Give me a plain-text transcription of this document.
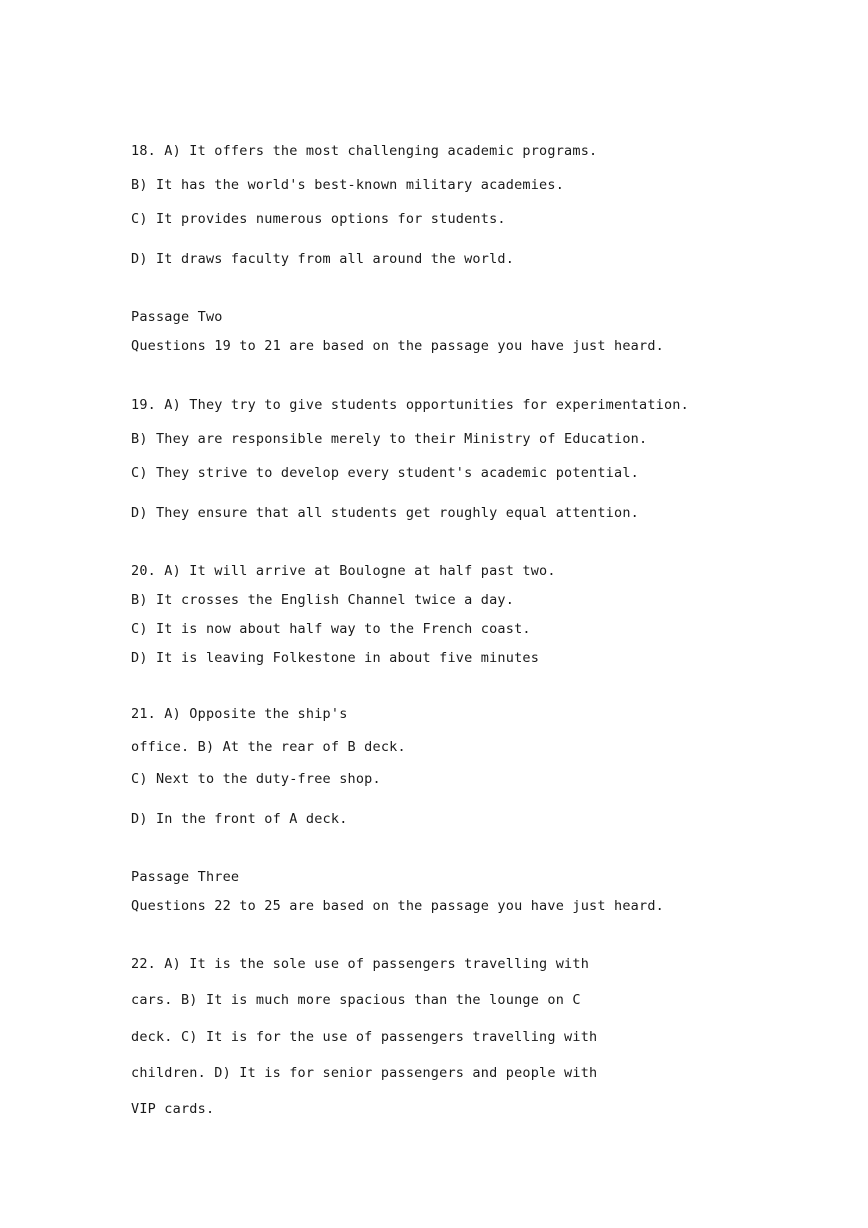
18. A) It offers the most challenging academic programs.
B) It has the world's best-known military academies.
C) It provides numerous options for students.
D) It draws faculty from all around the world.
Passage Two
Questions 19 to 21 are based on the passage you have just heard.
19. A) They try to give students opportunities for experimentation.
B) They are responsible merely to their Ministry of Education.
C) They strive to develop every student's academic potential.
D) They ensure that all students get roughly equal attention.
20. A) It will arrive at Boulogne at half past two.
B) It crosses the English Channel twice a day.
C) It is now about half way to the French coast.
D) It is leaving Folkestone in about five minutes
21. A) Opposite the ship's
office. B) At the rear of B deck.
C) Next to the duty-free shop.
D) In the front of A deck.
Passage Three
Questions 22 to 25 are based on the passage you have just heard.
22. A) It is the sole use of passengers travelling with
cars. B) It is much more spacious than the lounge on C
deck. C) It is for the use of passengers travelling with
children. D) It is for senior passengers and people with
VIP cards.
